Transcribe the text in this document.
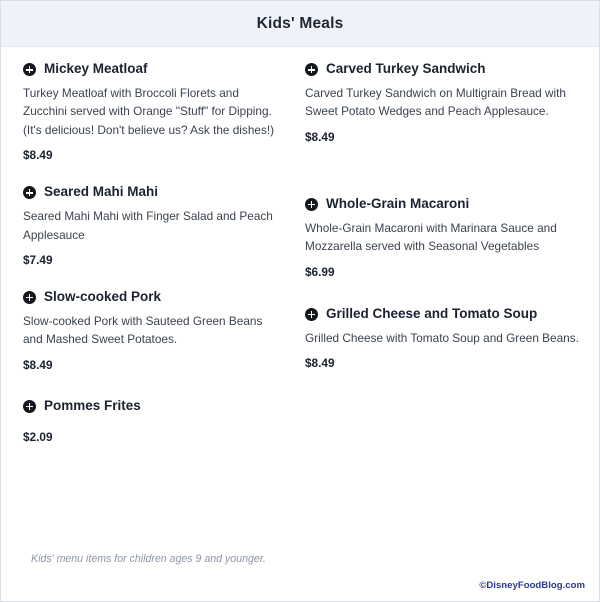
Kids' Meals
Mickey Meatloaf

Turkey Meatloaf with Broccoli Florets and Zucchini served with Orange "Stuff" for Dipping. (It's delicious! Don't believe us? Ask the dishes!)

$8.49
Seared Mahi Mahi

Seared Mahi Mahi with Finger Salad and Peach Applesauce

$7.49
Slow-cooked Pork

Slow-cooked Pork with Sauteed Green Beans and Mashed Sweet Potatoes.

$8.49
Pommes Frites
$2.09
Carved Turkey Sandwich

Carved Turkey Sandwich on Multigrain Bread with Sweet Potato Wedges and Peach Applesauce.

$8.49
Whole-Grain Macaroni

Whole-Grain Macaroni with Marinara Sauce and Mozzarella served with Seasonal Vegetables

$6.99
Grilled Cheese and Tomato Soup

Grilled Cheese with Tomato Soup and Green Beans.

$8.49
Kids' menu items for children ages 9 and younger.
©DisneyFoodBlog.com
